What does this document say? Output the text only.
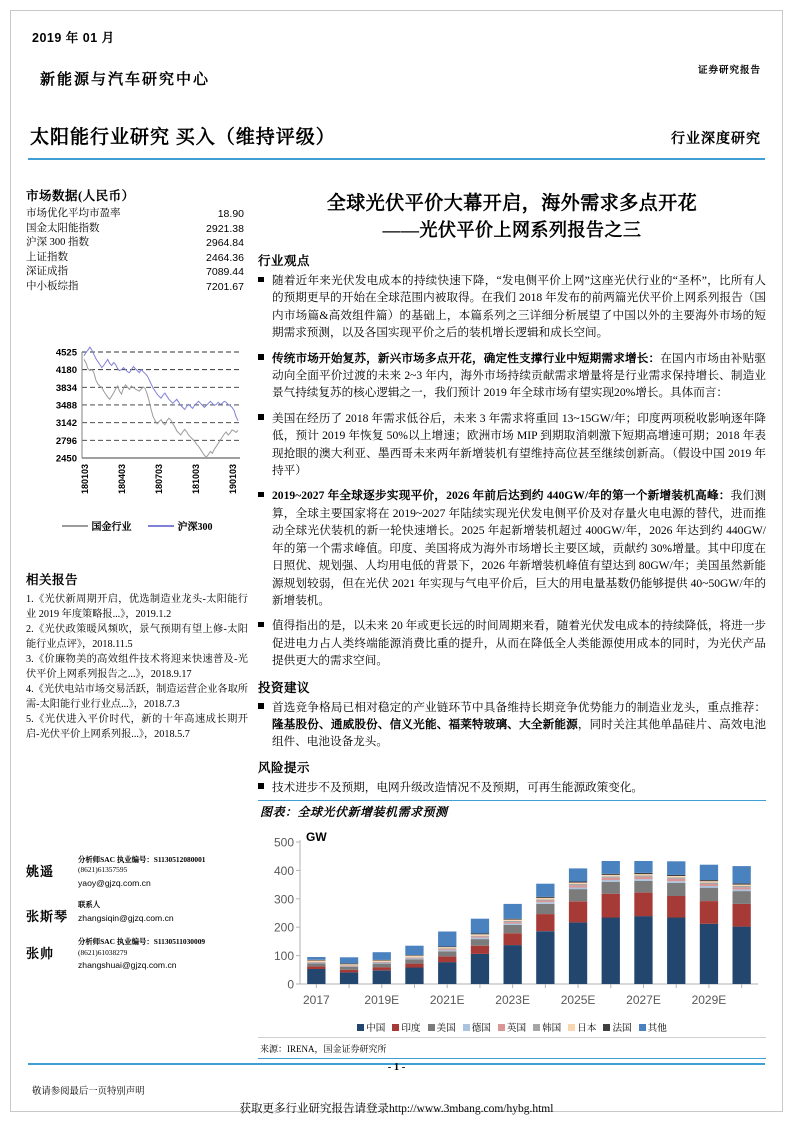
2019 年 01 月
证券研究报告
新能源与汽车研究中心
太阳能行业研究 买入（维持评级）	行业深度研究
市场数据(人民币）
市场优化平均市盈率	18.90
国金太阳能指数	2921.38
沪深 300 指数	2964.84
上证指数	2464.36
深证成指	7089.44
中小板综指	7201.67
2450
2796
3142
3488
3834
4180
4525
180103	180403	180703	181003	190103
国金行业	沪深300
相关报告
1.《光伏新周期开启，优选制造业龙头-太阳能行业 2019 年度策略报...》，2019.1.2
2.《光伏政策暖风频吹，景气预期有望上修-太阳能行业点评》，2018.11.5
3.《价廉物美的高效组件技术将迎来快速普及-光伏平价上网系列报告之...》，2018.9.17
4.《光伏电站市场交易活跃，制造运营企业各取所需-太阳能行业行业点...》，2018.7.3
5.《光伏进入平价时代，新的十年高速成长期开启-光伏平价上网系列报...》，2018.5.7
姚遥
分析师SAC 执业编号：S1130512080001
(8621)61357595
yaoy@gjzq.com.cn
张斯琴
联系人
zhangsiqin@gjzq.com.cn
张帅
分析师SAC 执业编号：S1130511030009
(8621)61038279
zhangshuai@gjzq.com.cn
全球光伏平价大幕开启，海外需求多点开花
——光伏平价上网系列报告之三
行业观点
随着近年来光伏发电成本的持续快速下降，“发电侧平价上网”这座光伏行业的“圣杯”，比所有人的预期更早的开始在全球范围内被取得。在我们 2018 年发布的前两篇光伏平价上网系列报告（国内市场篇&高效组件篇）的基础上，本篇系列之三详细分析展望了中国以外的主要海外市场的短期需求预测，以及各国实现平价之后的装机增长逻辑和成长空间。
传统市场开始复苏，新兴市场多点开花，确定性支撑行业中短期需求增长：在国内市场由补贴驱动向全面平价过渡的未来 2~3 年内，海外市场持续贡献需求增量将是行业需求保持增长、制造业景气持续复苏的核心逻辑之一，我们预计 2019 年全球市场有望实现20%增长。具体而言：
美国在经历了 2018 年需求低谷后，未来 3 年需求将重回 13~15GW/年；印度两项税收影响逐年降低，预计 2019 年恢复 50%以上增速；欧洲市场 MIP 到期取消刺激下短期高增速可期；2018 年表现抢眼的澳大利亚、墨西哥未来两年新增装机有望维持高位甚至继续创新高。（假设中国 2019 年持平）
2019~2027 年全球逐步实现平价，2026 年前后达到约 440GW/年的第一个新增装机高峰：我们测算，全球主要国家将在 2019~2027 年陆续实现光伏发电侧平价及对存量火电电源的替代，进而推动全球光伏装机的新一轮快速增长。2025 年起新增装机超过 400GW/年，2026 年达到约 440GW/年的第一个需求峰值。印度、美国将成为海外市场增长主要区域，贡献约 30%增量。其中印度在日照优、规划强、人均用电低的背景下，2026 年新增装机峰值有望达到 80GW/年；美国虽然新能源规划较弱，但在光伏 2021 年实现与气电平价后，巨大的用电量基数仍能够提供 40~50GW/年的新增装机。
值得指出的是，以未来 20 年或更长远的时间周期来看，随着光伏发电成本的持续降低，将进一步促进电力占人类终端能源消费比重的提升，从而在降低全人类能源使用成本的同时，为光伏产品提供更大的需求空间。
投资建议
首选竞争格局已相对稳定的产业链环节中具备维持长期竞争优势能力的制造业龙头，重点推荐：隆基股份、通威股份、信义光能、福莱特玻璃、大全新能源，同时关注其他单晶硅片、高效电池组件、电池设备龙头。
风险提示
技术进步不及预期，电网升级改造情况不及预期，可再生能源政策变化。
图表：全球光伏新增装机需求预测
0
100
200
300
400
500
2017	2019E	2021E	2023E	2025E	2027E	2029E
GW
中国 印度 美国 德国 英国 韩国 日本 法国 其他
来源：IRENA，国金证券研究所
- 1 -
敬请参阅最后一页特别声明
获取更多行业研究报告请登录http://www.3mbang.com/hybg.html
